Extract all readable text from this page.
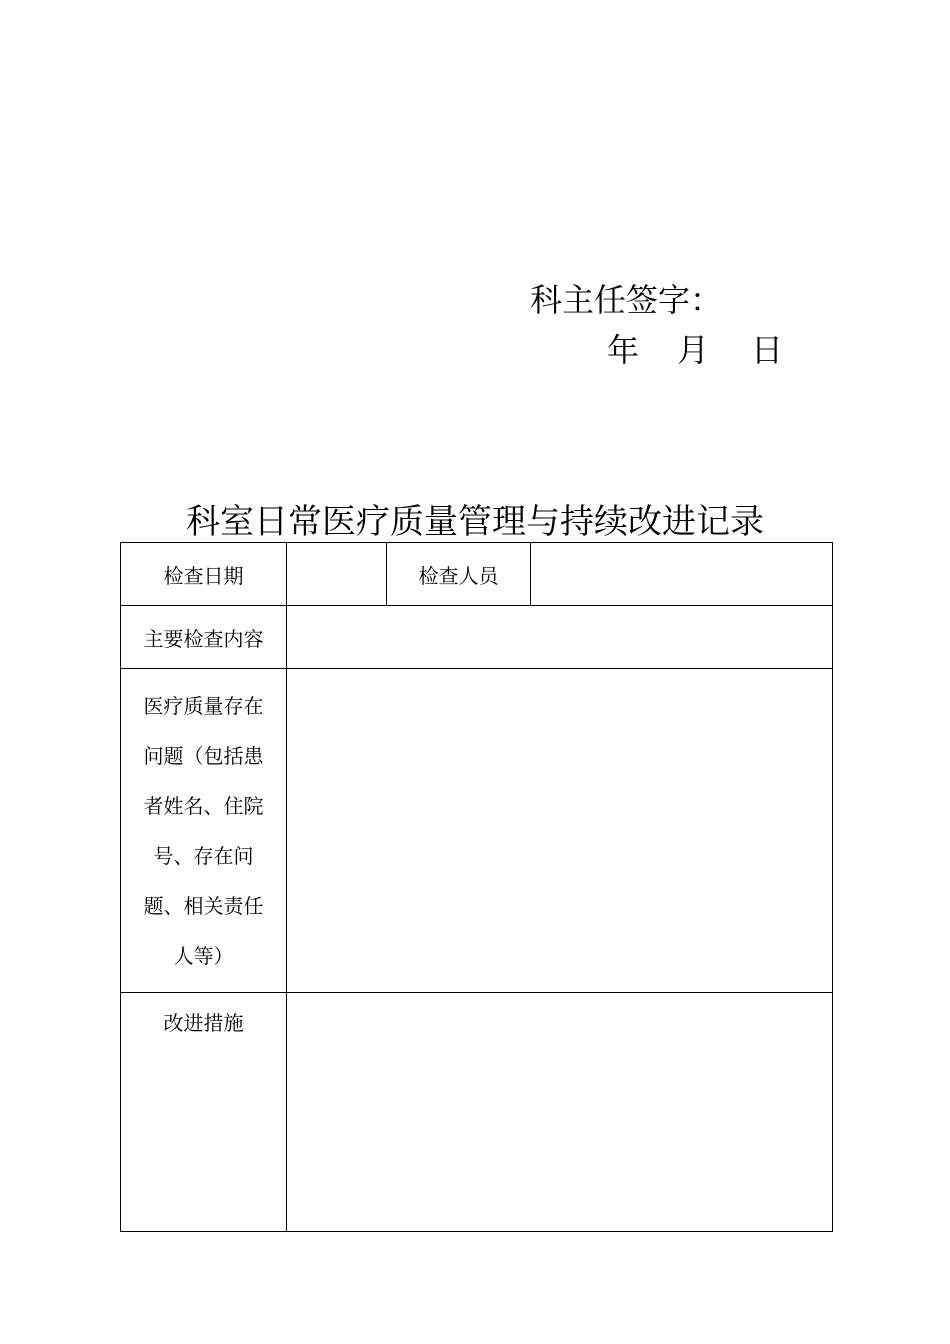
科主任签字：
年 月 日
科室日常医疗质量管理与持续改进记录
检查日期		检查人员	
主要检查内容			
医疗质量存在问题（包括患者姓名、住院号、存在问题、相关责任人等）			
改进措施			
